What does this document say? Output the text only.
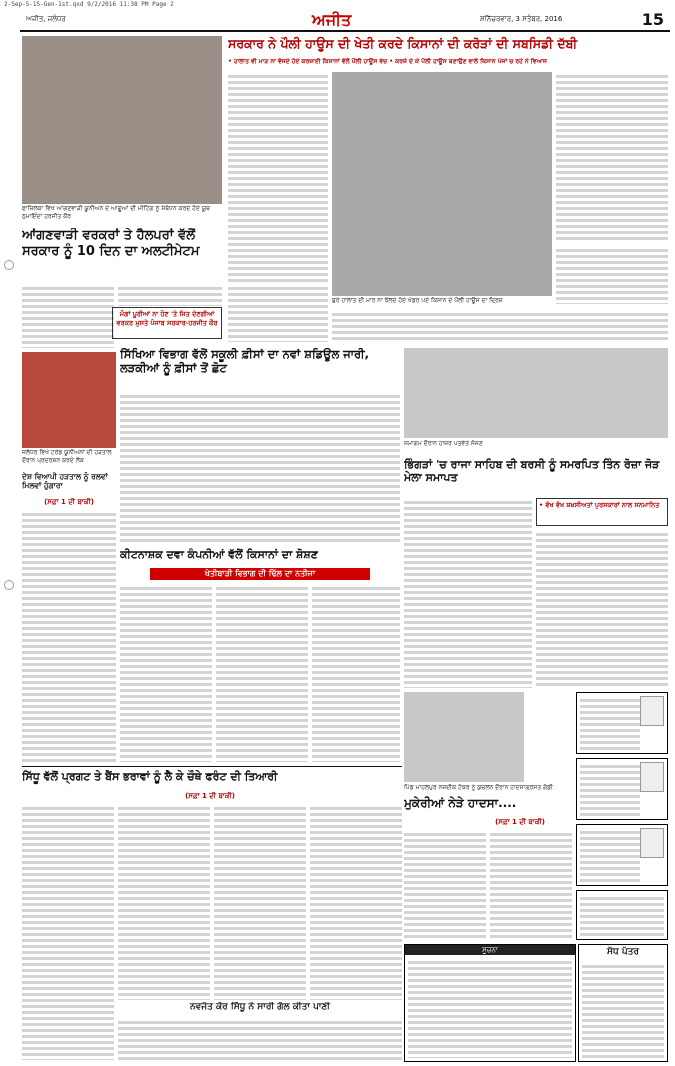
2-Sep-5-15-Gen-1st.qxd 9/2/2016 11:38 PM Page 2
ਅਜੀਤ, ਜਲੰਧਰ	ਅਜੀਤ	ਸ਼ਨਿੱਚਰਵਾਰ, 3 ਸਤੰਬਰ, 2016	15
ਫਾਜ਼ਿਲਕਾ ਵਿਖੇ ਆਂਗਣਵਾੜੀ ਯੂਨੀਅਨ ਦੇ ਆਗੂਆਂ ਦੀ ਮੀਟਿੰਗ ਨੂੰ ਸੰਬੋਧਨ ਕਰਦੇ ਹੋਏ ਯੂਥ ਨੁਮਾਇੰਦਾ ਹਰਜੀਤ ਕੌਰ
ਸਰਕਾਰ ਨੇ ਪੌਲੀ ਹਾਊਸ ਦੀ ਖੇਤੀ ਕਰਦੇ ਕਿਸਾਨਾਂ ਦੀ ਕਰੋੜਾਂ ਦੀ ਸਬਸਿਡੀ ਦੱਬੀ
• ਹਾਲਾਤ ਵੀ ਮਾੜ ਨਾ ਵੱਜਦੇ ਹੋਏ ਕਰਜ਼ਾਈ ਕਿਸਾਨਾਂ ਵੱਲੋਂ ਪੌਲੀ ਹਾਊਸ ਵੇਚ • ਕਰਜ਼ੇ ਦੇ ਕੇ ਪੌਲੀ ਹਾਊਸ ਬਣਾਉਣ ਵਾਲੇ ਕਿਸਾਨ ਪੰਜਾਂ ਚ ਰਹੇ ਨੇ ਵਿਆਜ
ਬੁਰੇ ਹਾਲਾਤ ਦੀ ਮਾਰ ਨਾ ਝੱਲਦੇ ਹੋਏ ਖੰਡਰ ਪਏ ਕਿਸਾਨ ਦੇ ਪੌਲੀ ਹਾਊਸ ਦਾ ਦ੍ਰਿਸ਼
ਆਂਗਣਵਾੜੀ ਵਰਕਰਾਂ ਤੇ ਹੈਲਪਰਾਂ ਵੱਲੋਂ ਸਰਕਾਰ ਨੂੰ 10 ਦਿਨ ਦਾ ਅਲਟੀਮੇਟਮ
ਮੰਗਾਂ ਪੂਰੀਆਂ ਨਾ ਹੋਣ 'ਤੇ ਜਿਤ ਦੇਣਗੀਆਂ ਵਰਕਰ ਮੁਸਤੇ ਪੰਜਾਬ ਸਰਕਾਰ-ਹਰਜੀਤ ਕੌਰ
ਸਿੱਖਿਆ ਵਿਭਾਗ ਵੱਲੋਂ ਸਕੂਲੀ ਫ਼ੀਸਾਂ ਦਾ ਨਵਾਂ ਸ਼ਡਿਊਲ ਜਾਰੀ, ਲੜਕੀਆਂ ਨੂੰ ਫ਼ੀਸਾਂ ਤੋਂ ਛੋਟ
ਸਮਾਗਮ ਦੌਰਾਨ ਹਾਜ਼ਰ ਪਤਵੰਤੇ ਸੱਜਣ
ਭਿੰਗੜਾਂ 'ਚ ਰਾਜਾ ਸਾਹਿਬ ਦੀ ਬਰਸੀ ਨੂੰ ਸਮਰਪਿਤ ਤਿੰਨ ਰੋਜ਼ਾ ਜੋੜ ਮੇਲਾ ਸਮਾਪਤ
• ਵੱਖ ਵੱਖ ਸ਼ਖ਼ਸੀਅਤਾਂ ਪੁਰਸਕਾਰਾਂ ਨਾਲ ਸਨਮਾਨਿਤ
ਜਲੰਧਰ ਵਿਖੇ ਟਰੇਡ ਯੂਨੀਅਨਾਂ ਦੀ ਹੜਤਾਲ ਦੌਰਾਨ ਪ੍ਰਦਰਸ਼ਨ ਕਰਦੇ ਲੋਕ
ਦੇਸ਼ ਵਿਆਪੀ ਹੜਤਾਲ ਨੂੰ ਰਲਵਾਂ ਮਿਲਵਾਂ ਹੁੰਗਾਰਾ
(ਸਫ਼ਾ 1 ਦੀ ਬਾਕੀ)
ਕੀਟਨਾਸ਼ਕ ਦਵਾ ਕੰਪਨੀਆਂ ਵੱਲੋਂ ਕਿਸਾਨਾਂ ਦਾ ਸ਼ੋਸ਼ਣ
ਖੇਤੀਬਾੜੀ ਵਿਭਾਗ ਦੀ ਢਿੱਲ ਦਾ ਨਤੀਜਾ
ਸਿੱਧੂ ਵੱਲੋਂ ਪ੍ਰਗਟ ਤੇ ਬੈਂਸ ਭਰਾਵਾਂ ਨੂੰ ਲੈ ਕੇ ਚੌਥੇ ਫਰੰਟ ਦੀ ਤਿਆਰੀ
(ਸਫ਼ਾ 1 ਦੀ ਬਾਕੀ)
ਨਵਜੋਤ ਕੌਰ ਸਿੱਧੂ ਨੇ ਸਾਰੀ ਗੱਲ ਕੀਤਾ ਪਾਣੀ
ਪਿੰਡ ਮਾਹਲਪੁਰ ਨਜ਼ਦੀਕ ਟੱਕਰ ਨੂੰ ਕੁਚਲਨ ਦੌਰਾਨ ਹਾਦਸਾਗ੍ਰਸਤ ਗੱਡੀ
ਮੁਕੇਰੀਆਂ ਨੇੜੇ ਹਾਦਸਾ....
(ਸਫ਼ਾ 1 ਦੀ ਬਾਕੀ)
ਸੂਚਨਾ	ਸੋਧ ਪੱਤਰ
